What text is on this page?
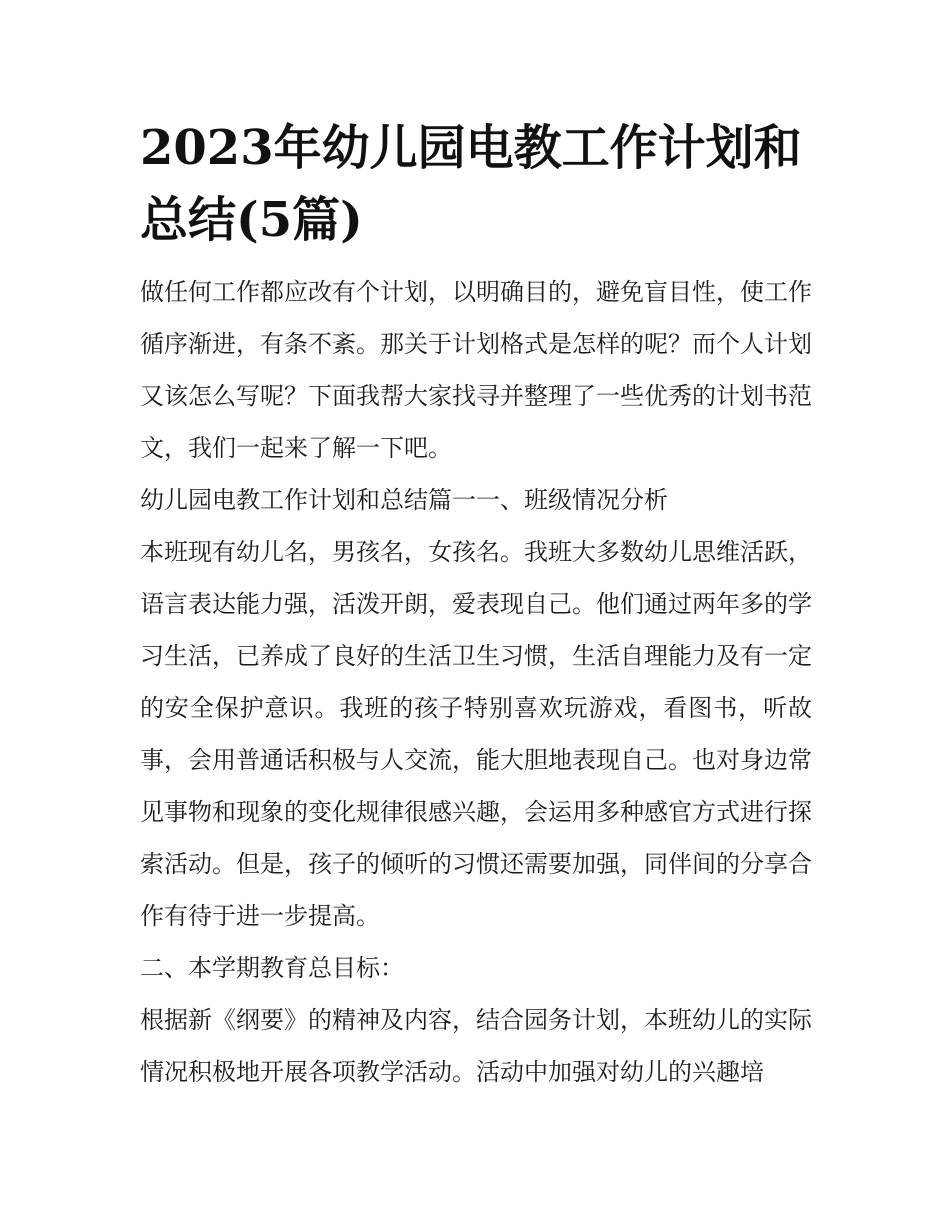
2023年幼儿园电教工作计划和总结(5篇)

做任何工作都应改有个计划，以明确目的，避免盲目性，使工作循序渐进，有条不紊。那关于计划格式是怎样的呢？而个人计划又该怎么写呢？下面我帮大家找寻并整理了一些优秀的计划书范文，我们一起来了解一下吧。

幼儿园电教工作计划和总结篇一一、班级情况分析

本班现有幼儿名，男孩名，女孩名。我班大多数幼儿思维活跃，语言表达能力强，活泼开朗，爱表现自己。他们通过两年多的学习生活，已养成了良好的生活卫生习惯，生活自理能力及有一定的安全保护意识。我班的孩子特别喜欢玩游戏，看图书，听故事，会用普通话积极与人交流，能大胆地表现自己。也对身边常见事物和现象的变化规律很感兴趣，会运用多种感官方式进行探索活动。但是，孩子的倾听的习惯还需要加强，同伴间的分享合作有待于进一步提高。

二、本学期教育总目标：

根据新《纲要》的精神及内容，结合园务计划，本班幼儿的实际情况积极地开展各项教学活动。活动中加强对幼儿的兴趣培
